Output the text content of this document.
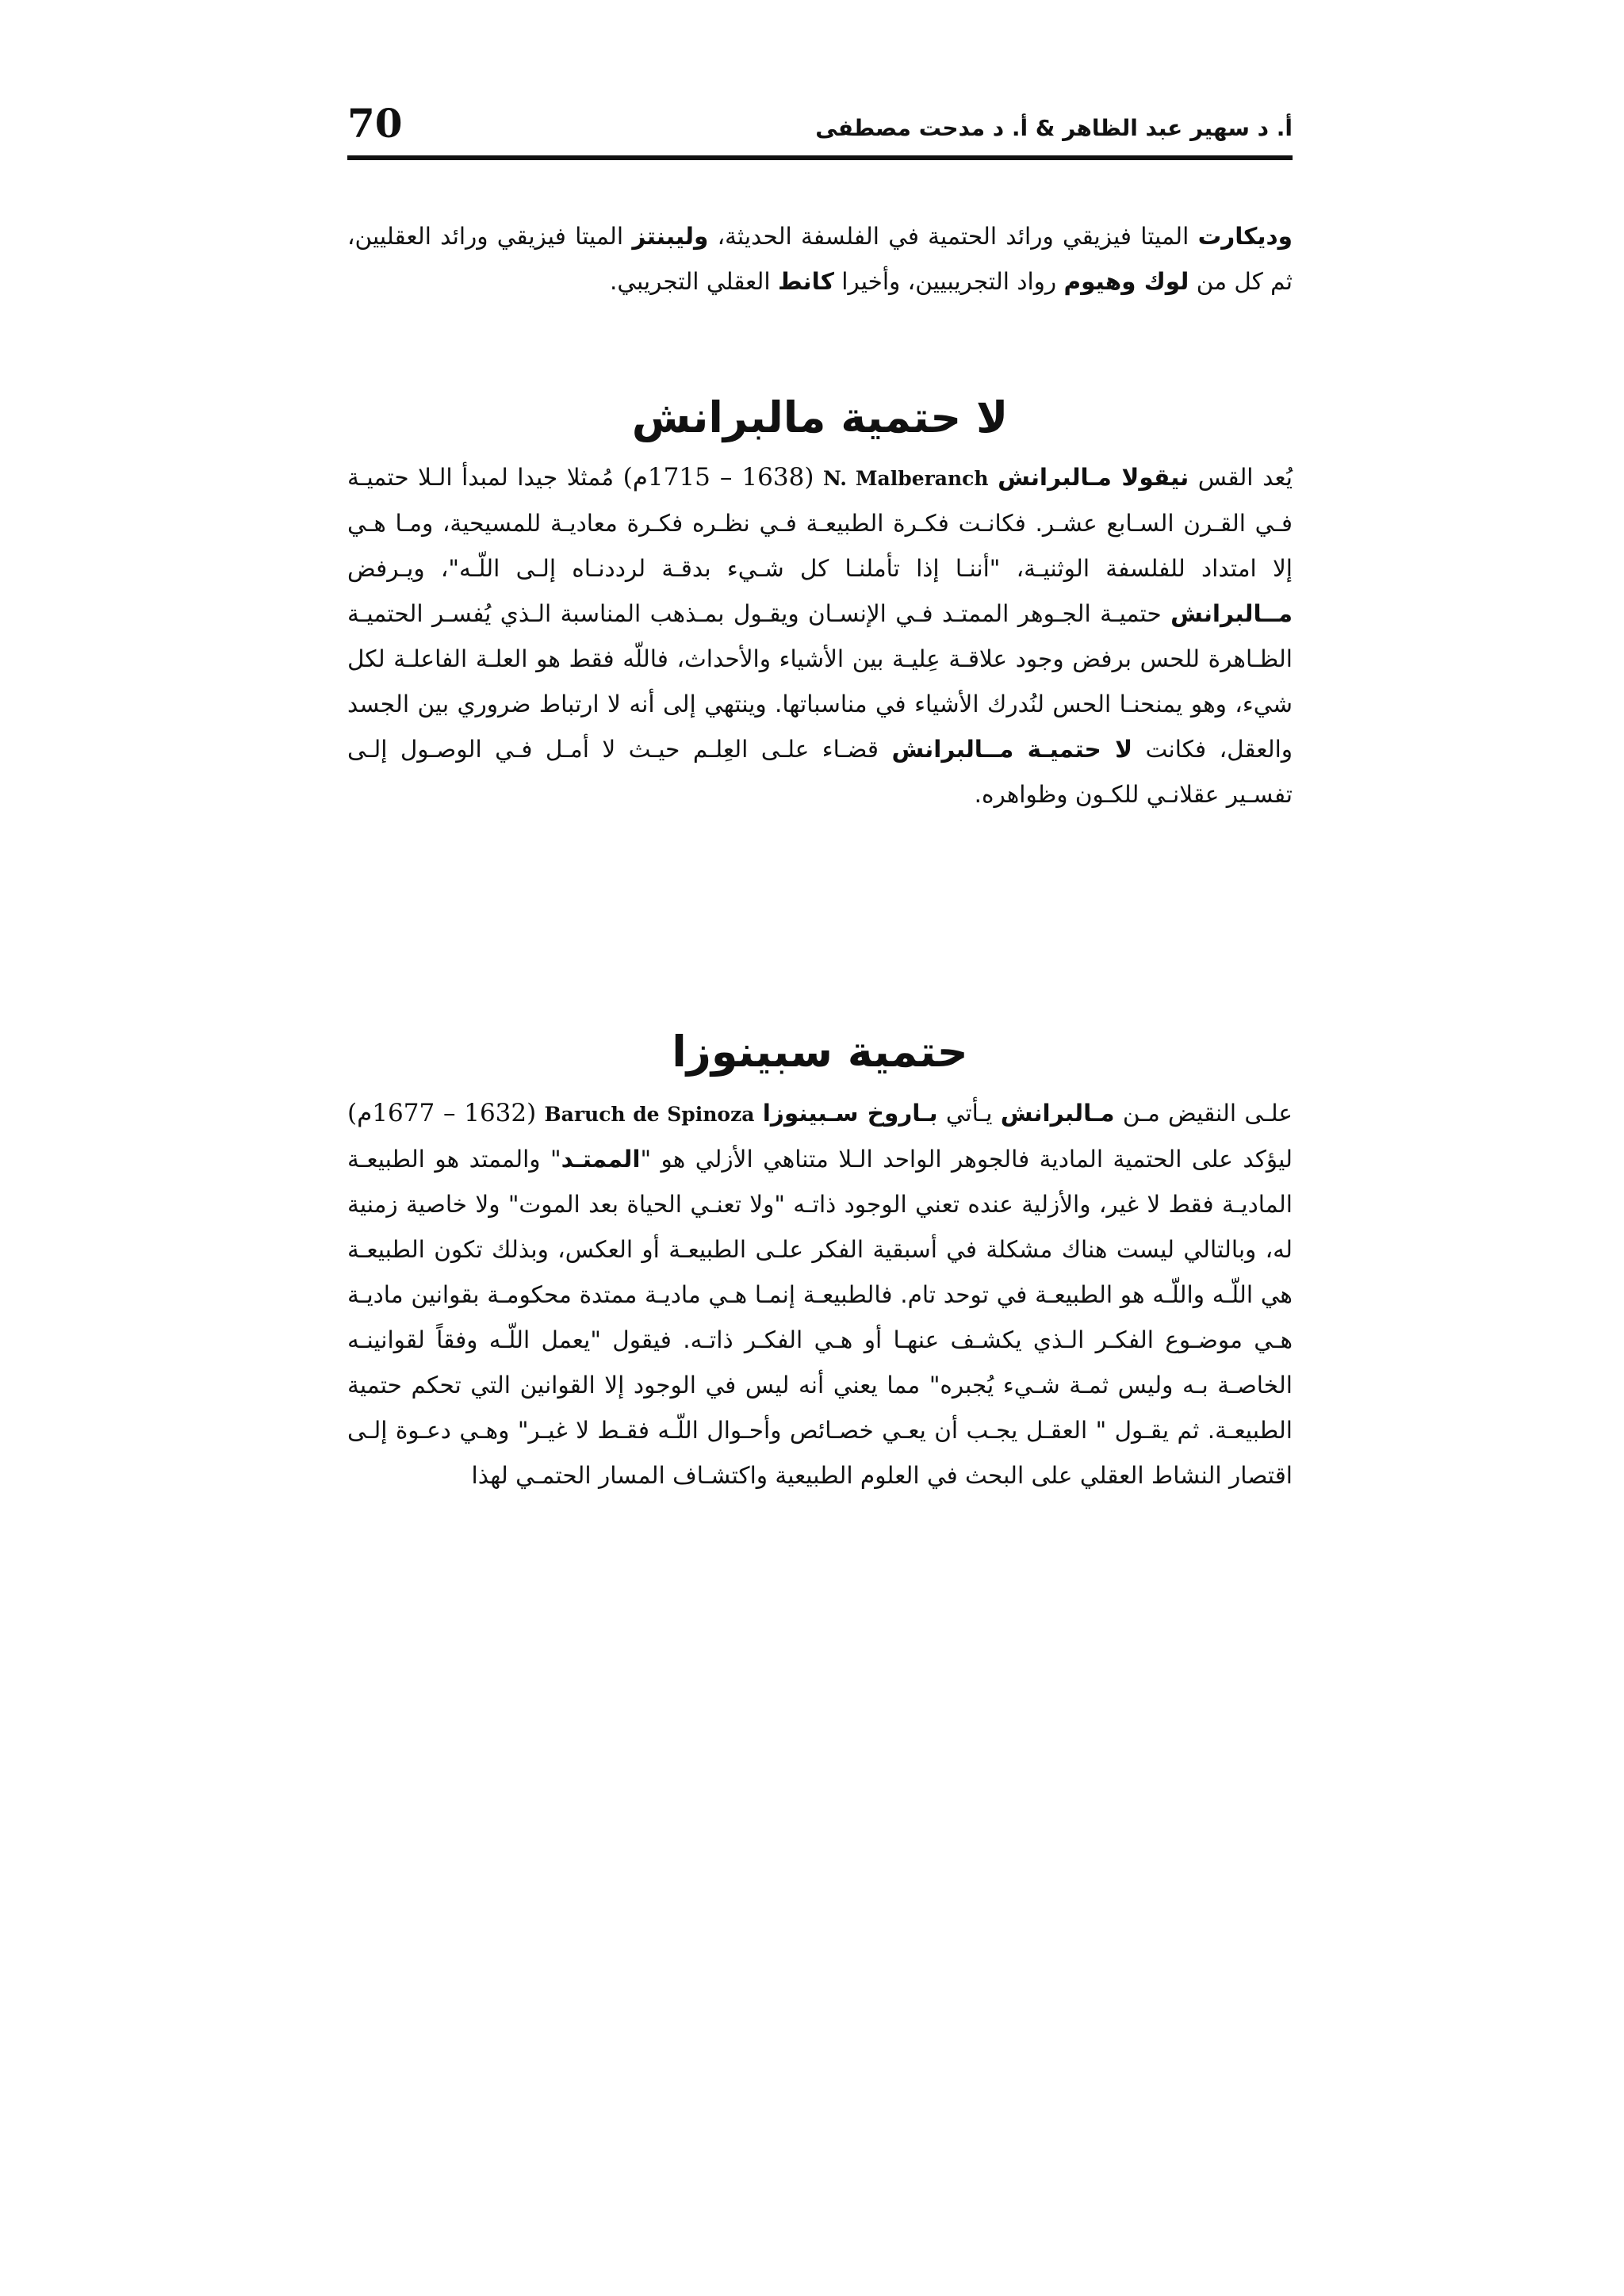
70	أ. د سهير عبد الظاهر & أ. د مدحت مصطفى

وديكارت الميتا فيزيقي ورائد الحتمية في الفلسفة الحديثة، وليبنتز الميتا فيزيقي ورائد العقليين، ثم كل من لوك وهيوم رواد التجريبيين، وأخيرا كانط العقلي التجريبي.

لا حتمية مالبرانش

يُعد القس نيقولا مـالبرانش N. Malberanch (1638 – 1715م) مُمثلا جيدا لمبدأ الـلا حتميـة فـي القـرن السـابع عشـر. فكانـت فكـرة الطبيعـة فـي نظـره فكـرة معاديـة للمسيحية، ومـا هـي إلا امتداد للفلسفة الوثنيـة، "أننـا إذا تأملنـا كل شـيء بدقـة لرددنـاه إلـى اللّـه"، ويـرفض مــالبرانش حتميـة الجـوهر الممتـد فـي الإنسـان ويقـول بمـذهب المناسبة الـذي يُفسـر الحتميـة الظـاهرة للحس برفض وجود علاقـة عِليـة بين الأشياء والأحداث، فاللّه فقط هو العلـة الفاعلـة لكل شيء، وهو يمنحنـا الحس لنُدرك الأشياء في مناسباتها. وينتهي إلى أنه لا ارتباط ضروري بين الجسد والعقل، فكانت لا حتميـة مــالبرانش قضـاء علـى العِلـم حيـث لا أمـل فـي الوصـول إلـى تفسـير عقلانـي للكـون وظواهره.

حتمية سبينوزا

علـى النقيض مـن مـالبرانش يـأتي بـاروخ سـبينوزا Baruch de Spinoza (1632 – 1677م) ليؤكد على الحتمية المادية فالجوهر الواحد الـلا متناهي الأزلي هو "الممتـد" والممتد هو الطبيعـة الماديـة فقط لا غير، والأزلية عنده تعني الوجود ذاتـه "ولا تعنـي الحياة بعد الموت" ولا خاصية زمنية له، وبالتالي ليست هناك مشكلة في أسبقية الفكر علـى الطبيعـة أو العكس، وبذلك تكون الطبيعـة هي اللّـه واللّـه هو الطبيعـة في توحد تام. فالطبيعـة إنمـا هـي ماديـة ممتدة محكومـة بقوانين ماديـة هـي موضـوع الفكـر الـذي يكشـف عنهـا أو هـي الفكـر ذاتـه. فيقول "يعمل اللّـه وفقاً لقوانينـه الخاصـة بـه وليس ثمـة شـيء يُجبره" مما يعني أنه ليس في الوجود إلا القوانين التي تحكم حتمية الطبيعـة. ثم يقـول " العقـل يجـب أن يعـي خصـائص وأحـوال اللّـه فقـط لا غيـر" وهـي دعـوة إلـى اقتصار النشاط العقلي على البحث في العلوم الطبيعية واكتشـاف المسار الحتمـي لهذا
